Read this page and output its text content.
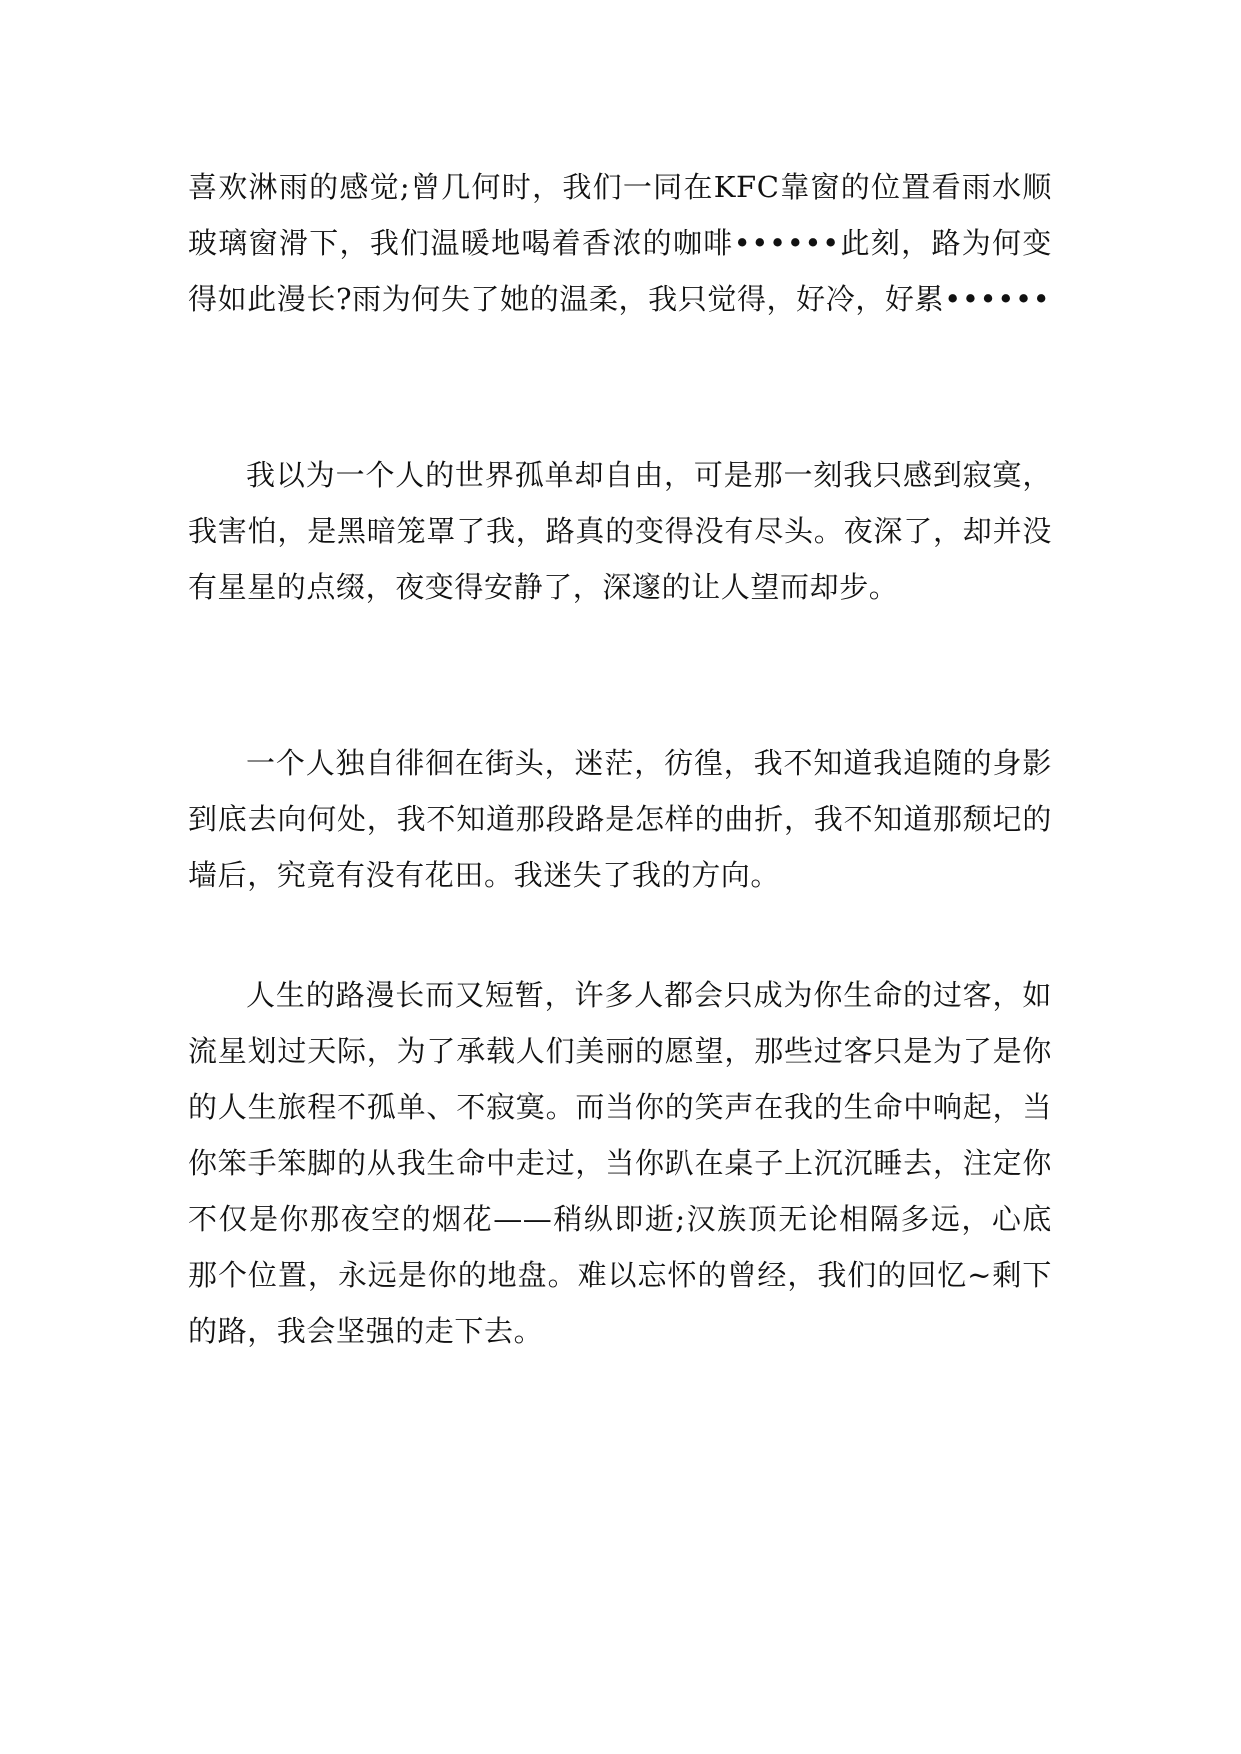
喜欢淋雨的感觉;曾几何时，我们一同在KFC靠窗的位置看雨水顺玻璃窗滑下，我们温暖地喝着香浓的咖啡••••••此刻，路为何变得如此漫长?雨为何失了她的温柔，我只觉得，好冷，好累••••••

我以为一个人的世界孤单却自由，可是那一刻我只感到寂寞，我害怕，是黑暗笼罩了我，路真的变得没有尽头。夜深了，却并没有星星的点缀，夜变得安静了，深邃的让人望而却步。

一个人独自徘徊在街头，迷茫，彷徨，我不知道我追随的身影到底去向何处，我不知道那段路是怎样的曲折，我不知道那颓圮的墙后，究竟有没有花田。我迷失了我的方向。

人生的路漫长而又短暂，许多人都会只成为你生命的过客，如流星划过天际，为了承载人们美丽的愿望，那些过客只是为了是你的人生旅程不孤单、不寂寞。而当你的笑声在我的生命中响起，当你笨手笨脚的从我生命中走过，当你趴在桌子上沉沉睡去，注定你不仅是你那夜空的烟花——稍纵即逝;汉族顶无论相隔多远，心底那个位置，永远是你的地盘。难以忘怀的曾经，我们的回忆~剩下的路，我会坚强的走下去。
